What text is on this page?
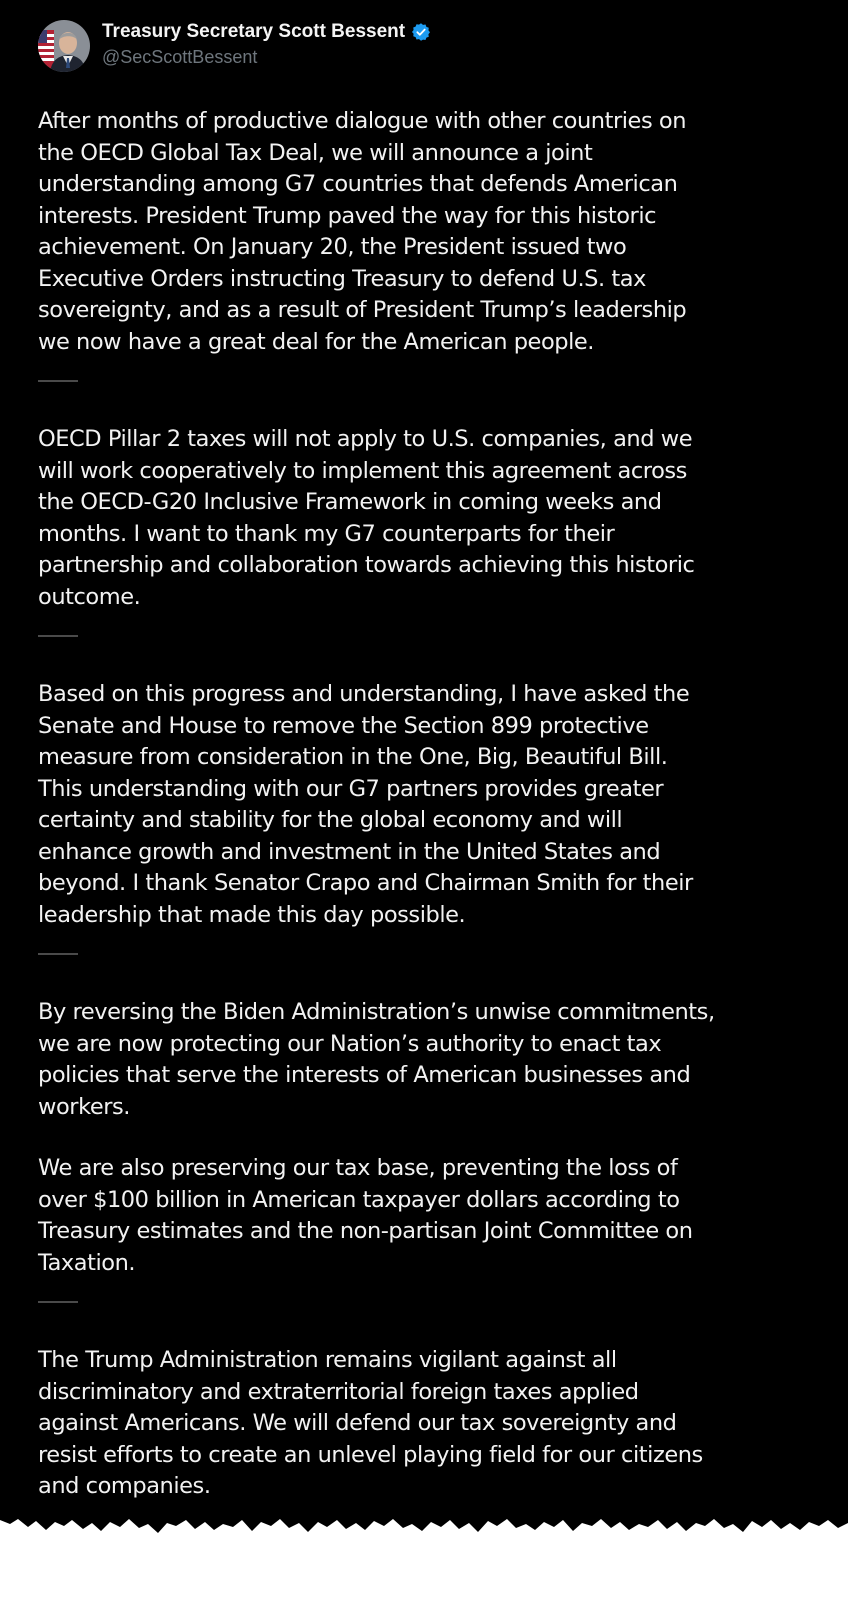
Treasury Secretary Scott Bessent
@SecScottBessent

After months of productive dialogue with other countries on
the OECD Global Tax Deal, we will announce a joint
understanding among G7 countries that defends American
interests. President Trump paved the way for this historic
achievement. On January 20, the President issued two
Executive Orders instructing Treasury to defend U.S. tax
sovereignty, and as a result of President Trump’s leadership
we now have a great deal for the American people.

OECD Pillar 2 taxes will not apply to U.S. companies, and we
will work cooperatively to implement this agreement across
the OECD-G20 Inclusive Framework in coming weeks and
months. I want to thank my G7 counterparts for their
partnership and collaboration towards achieving this historic
outcome.

Based on this progress and understanding, I have asked the
Senate and House to remove the Section 899 protective
measure from consideration in the One, Big, Beautiful Bill.
This understanding with our G7 partners provides greater
certainty and stability for the global economy and will
enhance growth and investment in the United States and
beyond. I thank Senator Crapo and Chairman Smith for their
leadership that made this day possible.

By reversing the Biden Administration’s unwise commitments,
we are now protecting our Nation’s authority to enact tax
policies that serve the interests of American businesses and
workers.

We are also preserving our tax base, preventing the loss of
over $100 billion in American taxpayer dollars according to
Treasury estimates and the non-partisan Joint Committee on
Taxation.

The Trump Administration remains vigilant against all
discriminatory and extraterritorial foreign taxes applied
against Americans. We will defend our tax sovereignty and
resist efforts to create an unlevel playing field for our citizens
and companies.
